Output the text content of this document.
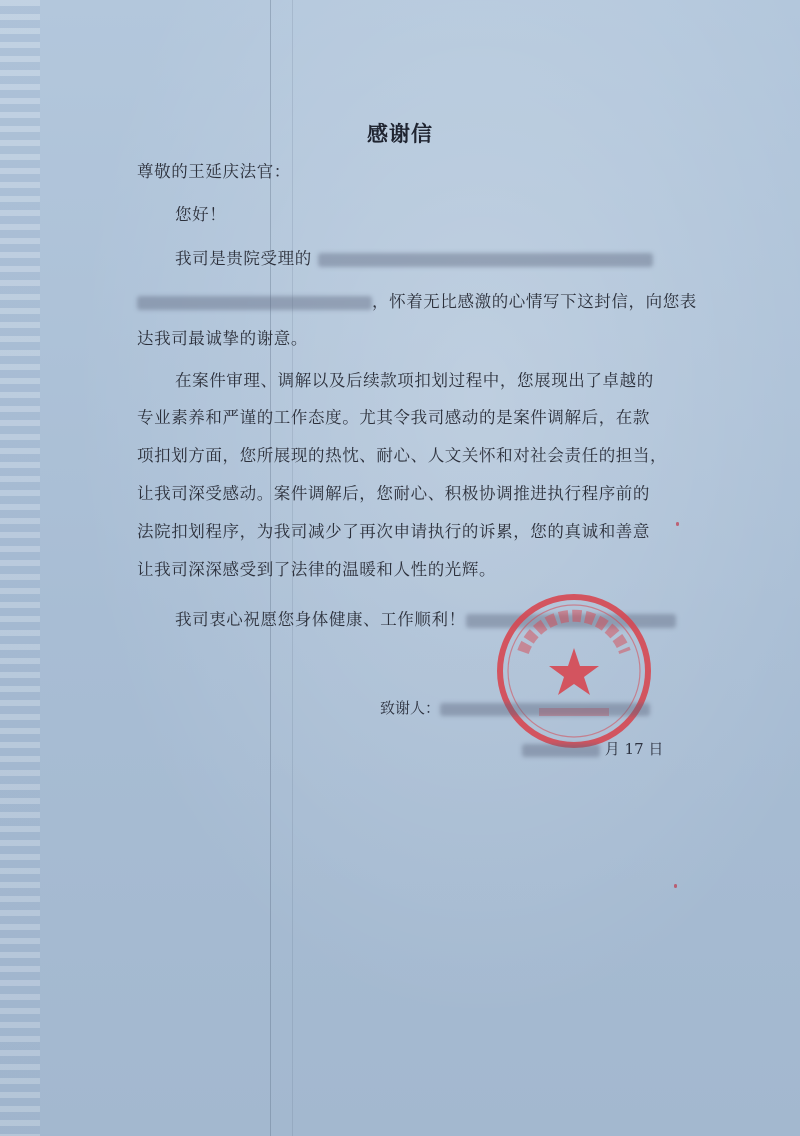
感谢信
尊敬的王延庆法官：
您好！
我司是贵院受理的
，怀着无比感激的心情写下这封信，向您表
达我司最诚挚的谢意。
在案件审理、调解以及后续款项扣划过程中，您展现出了卓越的
专业素养和严谨的工作态度。尤其令我司感动的是案件调解后，在款
项扣划方面，您所展现的热忱、耐心、人文关怀和对社会责任的担当，
让我司深受感动。案件调解后，您耐心、积极协调推进执行程序前的
法院扣划程序，为我司减少了再次申请执行的诉累，您的真诚和善意
让我司深深感受到了法律的温暖和人性的光辉。
我司衷心祝愿您身体健康、工作顺利！
致谢人：
月 17 日
